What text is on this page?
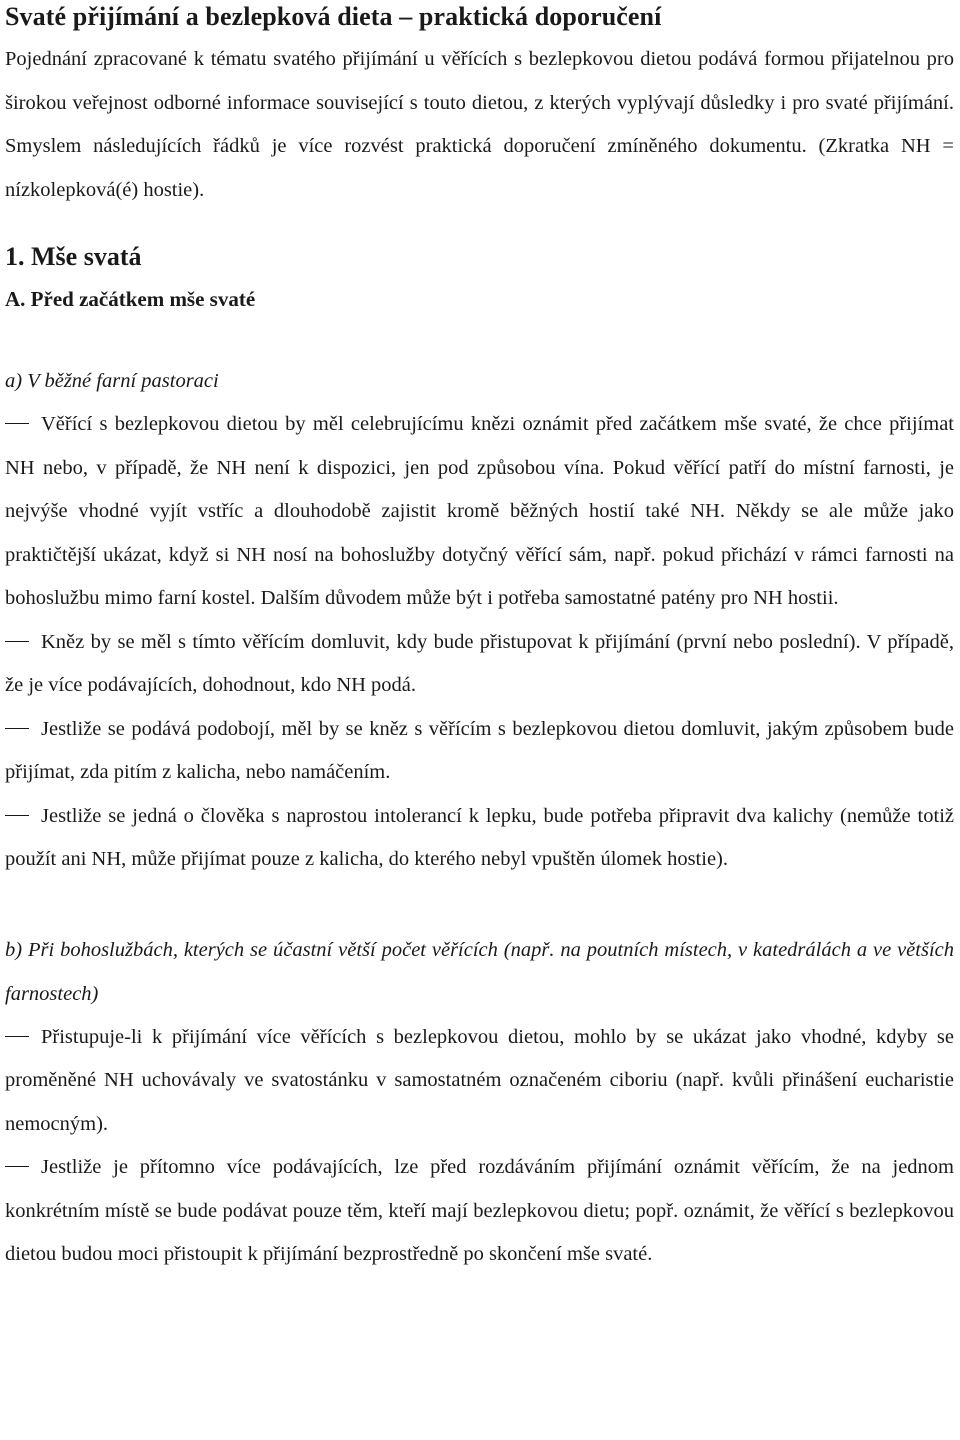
Svaté přijímání a bezlepková dieta – praktická doporučení

Pojednání zpracované k tématu svatého přijímání u věřících s bezlepkovou dietou podává formou přijatelnou pro širokou veřejnost odborné informace související s touto dietou, z kterých vyplývají důsledky i pro svaté přijímání. Smyslem následujících řádků je více rozvést praktická doporučení zmíněného dokumentu. (Zkratka NH = nízkolepková(é) hostie).

1. Mše svatá
A. Před začátkem mše svaté

a) V běžné farní pastoraci

Věřící s bezlepkovou dietou by měl celebrujícímu knězi oznámit před začátkem mše svaté, že chce přijímat NH nebo, v případě, že NH není k dispozici, jen pod způsobou vína. Pokud věřící patří do místní farnosti, je nejvýše vhodné vyjít vstříc a dlouhodobě zajistit kromě běžných hostií také NH. Někdy se ale může jako praktičtější ukázat, když si NH nosí na bohoslužby dotyčný věřící sám, např. pokud přichází v rámci farnosti na bohoslužbu mimo farní kostel. Dalším důvodem může být i potřeba samostatné patény pro NH hostii.

Kněz by se měl s tímto věřícím domluvit, kdy bude přistupovat k přijímání (první nebo poslední). V případě, že je více podávajících, dohodnout, kdo NH podá.

Jestliže se podává podobojí, měl by se kněz s věřícím s bezlepkovou dietou domluvit, jakým způsobem bude přijímat, zda pitím z kalicha, nebo namáčením.

Jestliže se jedná o člověka s naprostou intolerancí k lepku, bude potřeba připravit dva kalichy (nemůže totiž použít ani NH, může přijímat pouze z kalicha, do kterého nebyl vpuštěn úlomek hostie).

b) Při bohoslužbách, kterých se účastní větší počet věřících (např. na poutních místech, v katedrálách a ve větších farnostech)

Přistupuje-li k přijímání více věřících s bezlepkovou dietou, mohlo by se ukázat jako vhodné, kdyby se proměněné NH uchovávaly ve svatostánku v samostatném označeném ciboriu (např. kvůli přinášení eucharistie nemocným).

Jestliže je přítomno více podávajících, lze před rozdáváním přijímání oznámit věřícím, že na jednom konkrétním místě se bude podávat pouze těm, kteří mají bezlepkovou dietu; popř. oznámit, že věřící s bezlepkovou dietou budou moci přistoupit k přijímání bezprostředně po skončení mše svaté.
